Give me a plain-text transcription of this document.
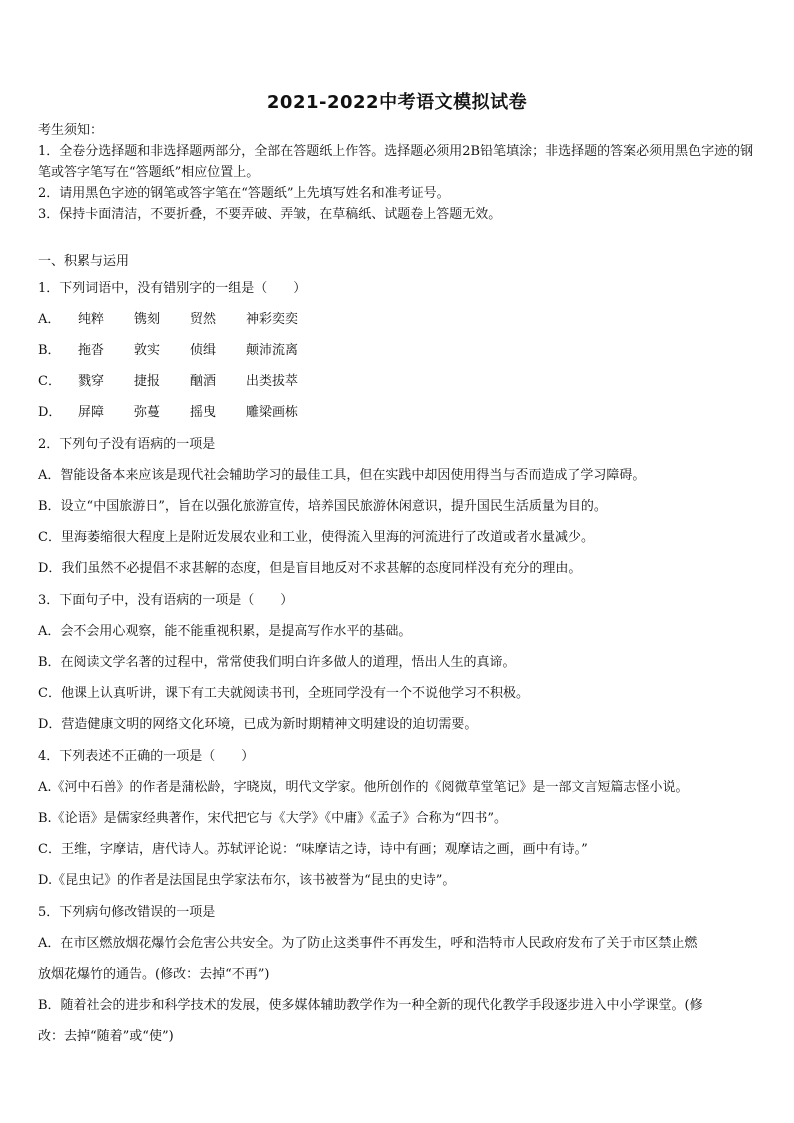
2021-2022中考语文模拟试卷

考生须知：

1．全卷分选择题和非选择题两部分，全部在答题纸上作答。选择题必须用2B铅笔填涂；非选择题的答案必须用黑色字迹的钢笔或答字笔写在“答题纸”相应位置上。

2．请用黑色字迹的钢笔或答字笔在“答题纸”上先填写姓名和准考证号。

3．保持卡面清洁，不要折叠，不要弄破、弄皱，在草稿纸、试题卷上答题无效。

一、积累与运用
1．下列词语中，没有错别字的一组是（　　）
A．	纯粹	镌刻	贸然	神彩奕奕
B．	拖沓	敦实	侦缉	颠沛流离
C．	戮穿	捷报	酗酒	出类拔萃
D．	屏障	弥蔓	摇曳	雕梁画栋
2．下列句子没有语病的一项是
A．智能设备本来应该是现代社会辅助学习的最佳工具，但在实践中却因使用得当与否而造成了学习障碍。
B．设立“中国旅游日”，旨在以强化旅游宣传，培养国民旅游休闲意识，提升国民生活质量为目的。
C．里海萎缩很大程度上是附近发展农业和工业，使得流入里海的河流进行了改道或者水量减少。
D．我们虽然不必提倡不求甚解的态度，但是盲目地反对不求甚解的态度同样没有充分的理由。
3．下面句子中，没有语病的一项是（　　）
A．会不会用心观察，能不能重视积累，是提高写作水平的基础。
B．在阅读文学名著的过程中，常常使我们明白许多做人的道理，悟出人生的真谛。
C．他课上认真听讲，课下有工夫就阅读书刊，全班同学没有一个不说他学习不积极。
D．营造健康文明的网络文化环境，已成为新时期精神文明建设的迫切需要。
4．下列表述不正确的一项是（　　）
A.《河中石兽》的作者是蒲松龄，字晓岚，明代文学家。他所创作的《阅微草堂笔记》是一部文言短篇志怪小说。
B.《论语》是儒家经典著作，宋代把它与《大学》《中庸》《孟子》合称为“四书”。
C．王维，字摩诘，唐代诗人。苏轼评论说：“味摩诘之诗，诗中有画；观摩诘之画，画中有诗。”
D.《昆虫记》的作者是法国昆虫学家法布尔，该书被誉为“昆虫的史诗”。
5．下列病句修改错误的一项是
A．在市区燃放烟花爆竹会危害公共安全。为了防止这类事件不再发生，呼和浩特市人民政府发布了关于市区禁止燃
放烟花爆竹的通告。(修改：去掉“不再”)
B．随着社会的进步和科学技术的发展，使多媒体辅助教学作为一种全新的现代化教学手段逐步进入中小学课堂。(修
改：去掉“随着”或“使”)
